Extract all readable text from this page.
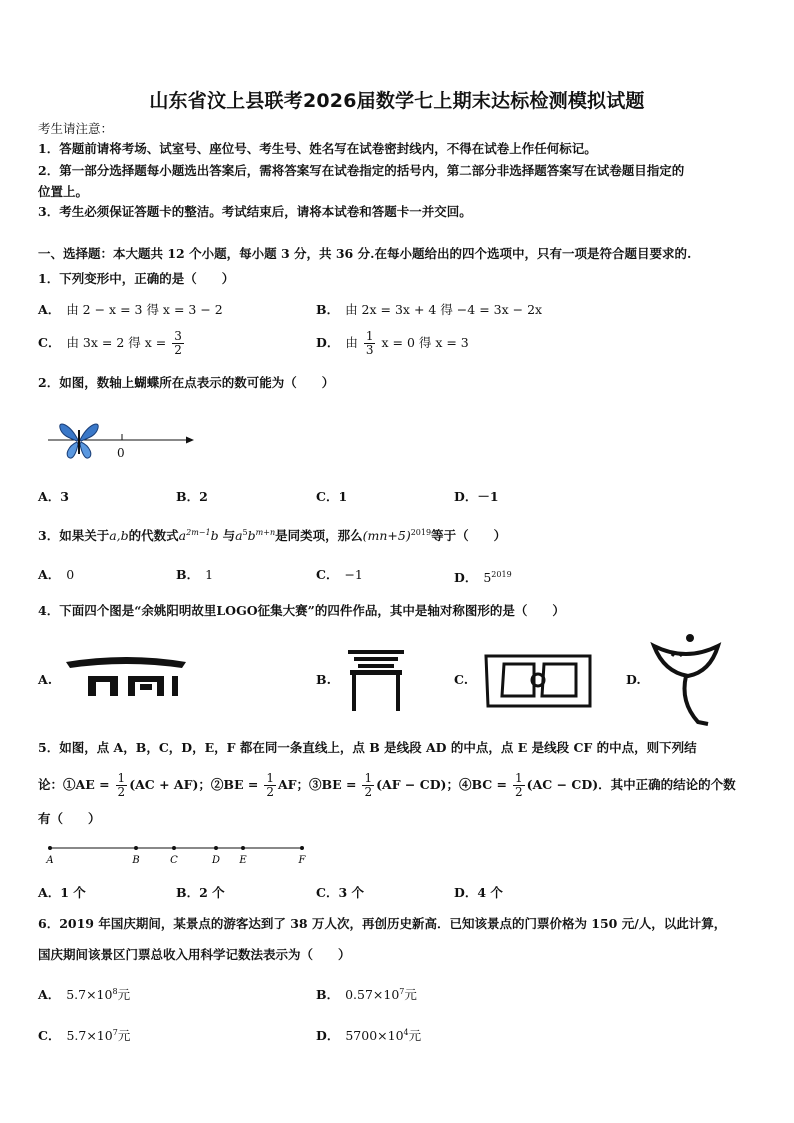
山东省汶上县联考2026届数学七上期末达标检测模拟试题
考生请注意：
1．答题前请将考场、试室号、座位号、考生号、姓名写在试卷密封线内，不得在试卷上作任何标记。
2．第一部分选择题每小题选出答案后，需将答案写在试卷指定的括号内，第二部分非选择题答案写在试卷题目指定的
位置上。
3．考生必须保证答题卡的整洁。考试结束后，请将本试卷和答题卡一并交回。
一、选择题：本大题共 12 个小题，每小题 3 分，共 36 分.在每小题给出的四个选项中，只有一项是符合题目要求的.
1．下列变形中，正确的是（　　）
A． 由 2 − x = 3 得 x = 3 − 2	B． 由 2x = 3x + 4 得 −4 = 3x − 2x
C． 由 3x = 2 得 $x = \frac{3}{2}$	D． 由 $\frac{1}{3}$ x = 0 得 x = 3
2．如图，数轴上蝴蝶所在点表示的数可能为（　　）
0
A．3	B．2	C．1	D．－1
3．如果关于a,b的代数式$a^{2m-1}b$ 与$a^5b^{m+n}$是同类项，那么$(mn+5)^{2019}$等于（　　）
A． 0	B． 1	C． −1	D． $5^{2019}$
4．下面四个图是“余姚阳明故里LOGO征集大赛”的四件作品，其中是轴对称图形的是（　　）
A.	B.	C.	D.
5．如图，点 A，B，C，D，E，F 都在同一条直线上，点 B 是线段 AD 的中点，点 E 是线段 CF 的中点，则下列结
论：①AE = $\frac{1}{2} (AC + AF)$；②BE = $\frac{1}{2}$ AF；③BE = $\frac{1}{2} (AF - CD)$；④BC = $\frac{1}{2} (AC - CD)$．其中正确的结论的个数
有（　　）
A	B	C	D E	F
A．1 个	B．2 个	C．3 个	D．4 个
6．2019 年国庆期间，某景点的游客达到了 38 万人次，再创历史新高．已知该景点的门票价格为 150 元/人，以此计算，
国庆期间该景区门票总收入用科学记数法表示为（　　）
A． $5.7\times 10^8$元	B． $0.57\times 10^7$元
C． $5.7\times 10^7$元	D． $5700\times 10^4$元
